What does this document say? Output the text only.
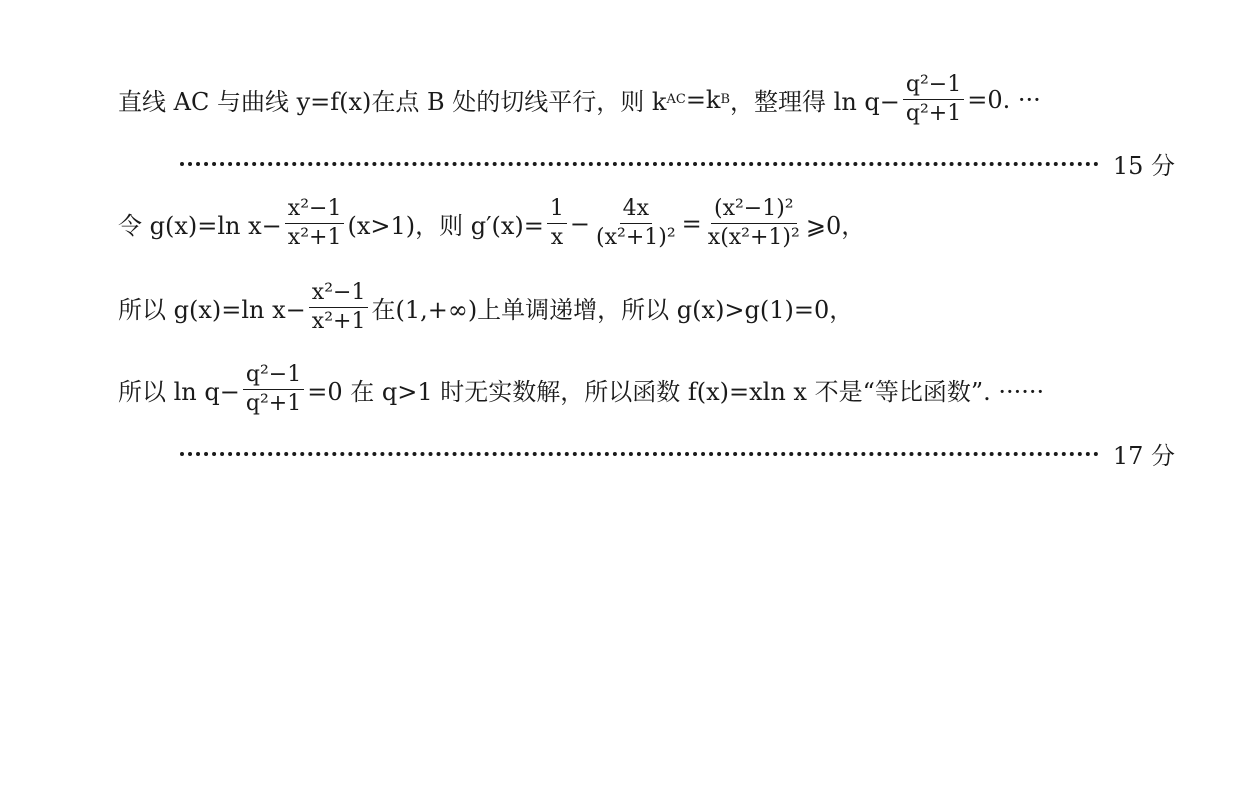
直线 AC 与曲线 y=f(x)在点 B 处的切线平行，则 k AC =k B ，整理得 $\ln q- \frac{\text{q²−1}}{\text{q²+1}} =0$. ···
15 分
令 g(x)=ln $x- \frac{\text{x²−1}}{\text{x²+1}} (x>1)$，则 $g'(x)= \frac{1}{x} - \frac{4x}{\text{(x²+1)²}} = \frac{\text{(x²−1)²}}{\text{x(x²+1)²}}$ ⩾0，
所以 g(x)=ln $x- \frac{\text{x²−1}}{\text{x²+1}}$ 在(1,+∞)上单调递增，所以 g(x)>g(1)=0，
所以 $\ln q- \frac{\text{q²−1}}{\text{q²+1}} =0$ 在 q>1 时无实数解，所以函数 f(x)=xln x 不是“等比函数”. ······
17 分
